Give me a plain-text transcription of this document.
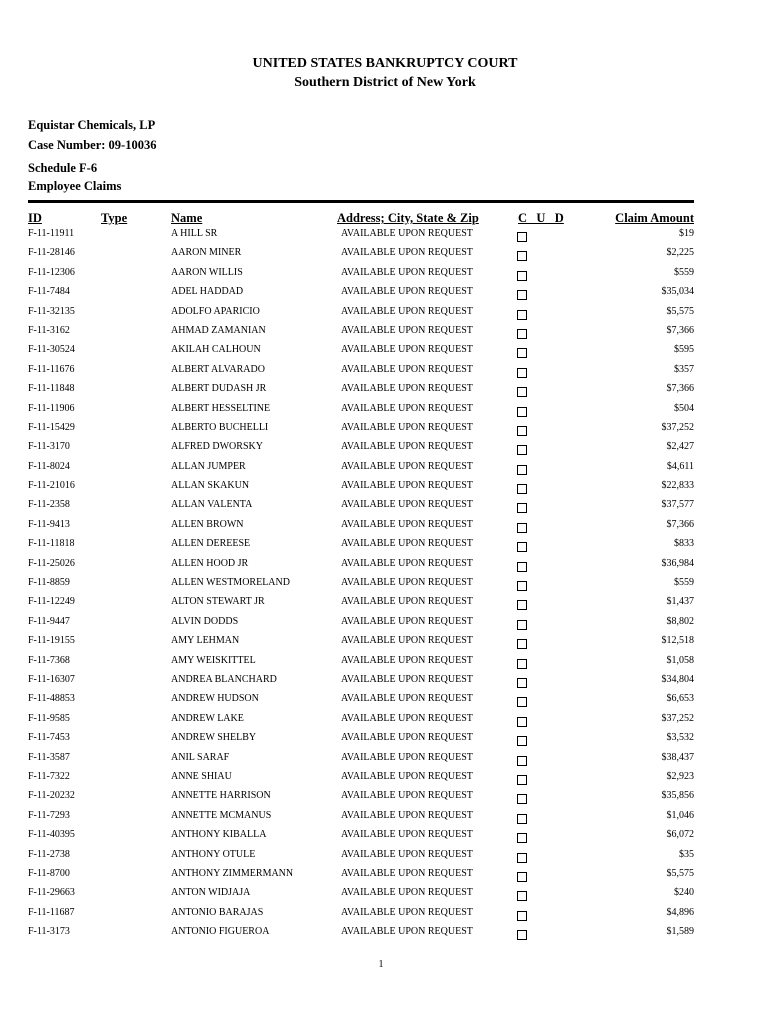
UNITED STATES BANKRUPTCY COURT
Southern District of New York
Equistar Chemicals, LP
Case Number: 09-10036
Schedule F-6
Employee Claims
ID	Type	Name	Address; City, State & Zip	C   U   D	Claim Amount
F-11-11911	A HILL SR	AVAILABLE UPON REQUEST	$19
F-11-28146	AARON MINER	AVAILABLE UPON REQUEST	$2,225
F-11-12306	AARON WILLIS	AVAILABLE UPON REQUEST	$559
F-11-7484	ADEL HADDAD	AVAILABLE UPON REQUEST	$35,034
F-11-32135	ADOLFO APARICIO	AVAILABLE UPON REQUEST	$5,575
F-11-3162	AHMAD ZAMANIAN	AVAILABLE UPON REQUEST	$7,366
F-11-30524	AKILAH CALHOUN	AVAILABLE UPON REQUEST	$595
F-11-11676	ALBERT ALVARADO	AVAILABLE UPON REQUEST	$357
F-11-11848	ALBERT DUDASH JR	AVAILABLE UPON REQUEST	$7,366
F-11-11906	ALBERT HESSELTINE	AVAILABLE UPON REQUEST	$504
F-11-15429	ALBERTO BUCHELLI	AVAILABLE UPON REQUEST	$37,252
F-11-3170	ALFRED DWORSKY	AVAILABLE UPON REQUEST	$2,427
F-11-8024	ALLAN JUMPER	AVAILABLE UPON REQUEST	$4,611
F-11-21016	ALLAN SKAKUN	AVAILABLE UPON REQUEST	$22,833
F-11-2358	ALLAN VALENTA	AVAILABLE UPON REQUEST	$37,577
F-11-9413	ALLEN BROWN	AVAILABLE UPON REQUEST	$7,366
F-11-11818	ALLEN DEREESE	AVAILABLE UPON REQUEST	$833
F-11-25026	ALLEN HOOD JR	AVAILABLE UPON REQUEST	$36,984
F-11-8859	ALLEN WESTMORELAND	AVAILABLE UPON REQUEST	$559
F-11-12249	ALTON STEWART JR	AVAILABLE UPON REQUEST	$1,437
F-11-9447	ALVIN DODDS	AVAILABLE UPON REQUEST	$8,802
F-11-19155	AMY LEHMAN	AVAILABLE UPON REQUEST	$12,518
F-11-7368	AMY WEISKITTEL	AVAILABLE UPON REQUEST	$1,058
F-11-16307	ANDREA BLANCHARD	AVAILABLE UPON REQUEST	$34,804
F-11-48853	ANDREW HUDSON	AVAILABLE UPON REQUEST	$6,653
F-11-9585	ANDREW LAKE	AVAILABLE UPON REQUEST	$37,252
F-11-7453	ANDREW SHELBY	AVAILABLE UPON REQUEST	$3,532
F-11-3587	ANIL SARAF	AVAILABLE UPON REQUEST	$38,437
F-11-7322	ANNE SHIAU	AVAILABLE UPON REQUEST	$2,923
F-11-20232	ANNETTE HARRISON	AVAILABLE UPON REQUEST	$35,856
F-11-7293	ANNETTE MCMANUS	AVAILABLE UPON REQUEST	$1,046
F-11-40395	ANTHONY KIBALLA	AVAILABLE UPON REQUEST	$6,072
F-11-2738	ANTHONY OTULE	AVAILABLE UPON REQUEST	$35
F-11-8700	ANTHONY ZIMMERMANN	AVAILABLE UPON REQUEST	$5,575
F-11-29663	ANTON WIDJAJA	AVAILABLE UPON REQUEST	$240
F-11-11687	ANTONIO BARAJAS	AVAILABLE UPON REQUEST	$4,896
F-11-3173	ANTONIO FIGUEROA	AVAILABLE UPON REQUEST	$1,589
1
